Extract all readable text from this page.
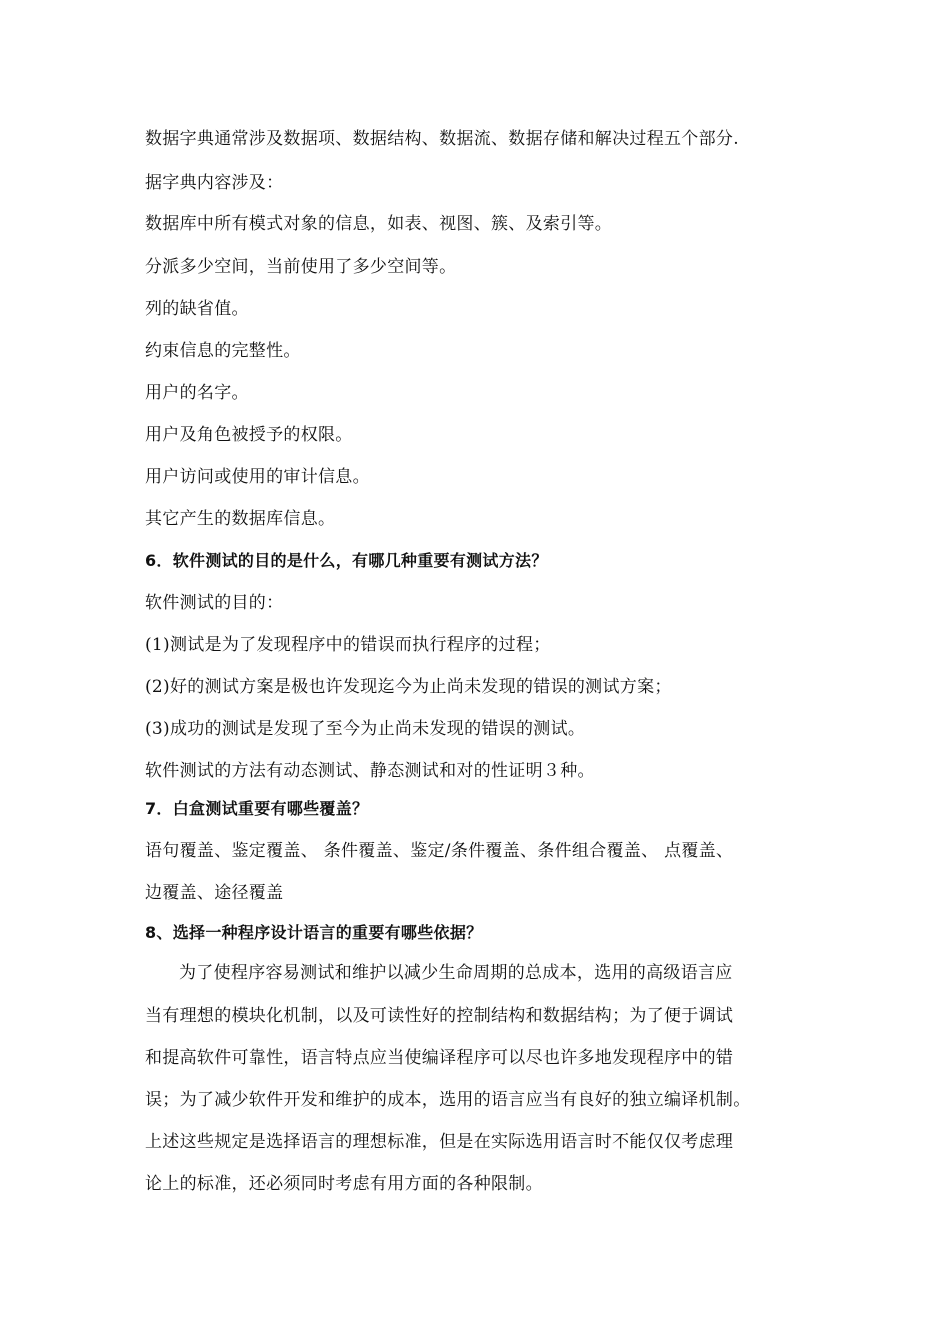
数据字典通常涉及数据项、数据结构、数据流、数据存储和解决过程五个部分.
据字典内容涉及：
数据库中所有模式对象的信息，如表、视图、簇、及索引等。
分派多少空间，当前使用了多少空间等。
列的缺省值。
约束信息的完整性。
用户的名字。
用户及角色被授予的权限。
用户访问或使用的审计信息。
其它产生的数据库信息。
6．软件测试的目的是什么，有哪几种重要有测试方法？
软件测试的目的：
(1)测试是为了发现程序中的错误而执行程序的过程；
(2)好的测试方案是极也许发现迄今为止尚未发现的错误的测试方案；
(3)成功的测试是发现了至今为止尚未发现的错误的测试。
软件测试的方法有动态测试、静态测试和对的性证明３种。
7．白盒测试重要有哪些覆盖？
语句覆盖、鉴定覆盖、 条件覆盖、鉴定/条件覆盖、条件组合覆盖、 点覆盖、
边覆盖、途径覆盖
8、选择一种程序设计语言的重要有哪些依据？
为了使程序容易测试和维护以减少生命周期的总成本，选用的高级语言应
当有理想的模块化机制，以及可读性好的控制结构和数据结构；为了便于调试
和提高软件可靠性，语言特点应当使编译程序可以尽也许多地发现程序中的错
误；为了减少软件开发和维护的成本，选用的语言应当有良好的独立编译机制。
上述这些规定是选择语言的理想标准，但是在实际选用语言时不能仅仅考虑理
论上的标准，还必须同时考虑有用方面的各种限制。
